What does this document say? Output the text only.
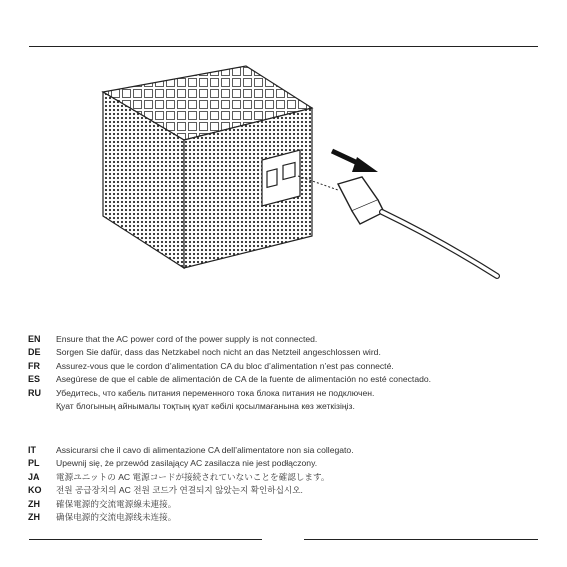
EN	Ensure that the AC power cord of the power supply is not connected.
DE	Sorgen Sie dafür, dass das Netzkabel noch nicht an das Netzteil angeschlossen wird.
FR	Assurez-vous que le cordon d’alimentation CA du bloc d’alimentation n’est pas connecté.
ES	Asegúrese de que el cable de alimentación de CA de la fuente de alimentación no esté conectado.
RU	Убедитесь, что кабель питания переменного тока блока питания не подключен.
Қуат блогының айнымалы тоқтың қуат кәбілі қосылмағанына көз жеткізіңіз.
IT	Assicurarsi che il cavo di alimentazione CA dell’alimentatore non sia collegato.
PL	Upewnij się, że przewód zasilający AC zasilacza nie jest podłączony.
JA	電源ユニットの AC 電源コードが接続されていないことを確認します。
KO	전원 공급장치의 AC 전원 코드가 연결되지 않았는지 확인하십시오.
ZH	確保電源的交流電源線未連接。
ZH	确保电源的交流电源线未连接。
